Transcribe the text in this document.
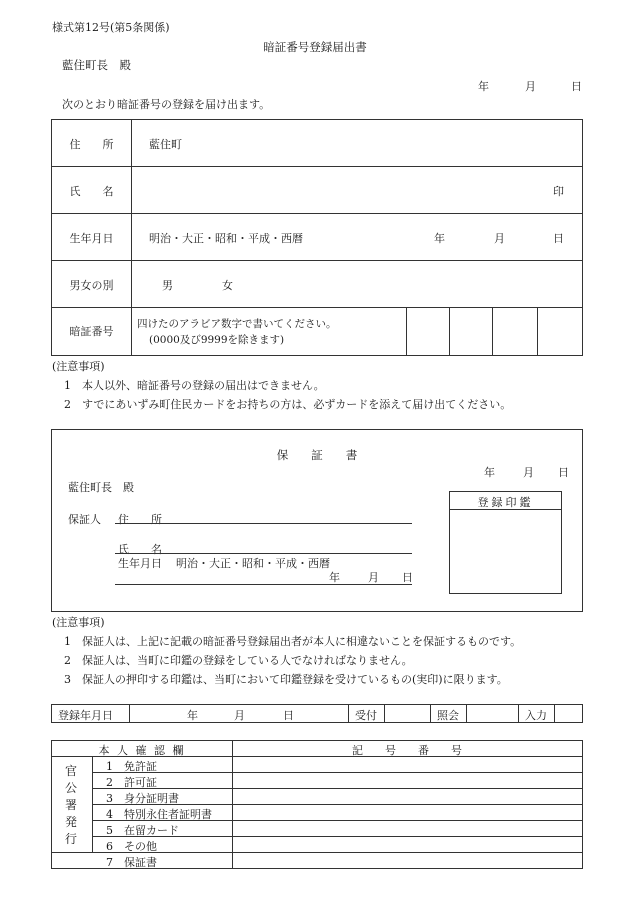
様式第12号(第5条関係)
暗証番号登録届出書
藍住町長　殿
年	月	日
次のとおり暗証番号の登録を届け出ます。
住　　所	藍住町
氏　　名	印
生年月日	明治・大正・昭和・平成・西暦	年	月	日
男女の別	男	女
暗証番号
四けたのアラビア数字で書いてください。
(0000及び9999を除きます)
(注意事項)
1　本人以外、暗証番号の登録の届出はできません。
2　すでにあいずみ町住民カードをお持ちの方は、必ずカードを添えて届け出てください。
保　　証　　書
年	月 日
藍住町長　殿
保証人 住　　所
氏　　名
生年月日 明治・大正・昭和・平成・西暦
年	月 日
登録印鑑
(注意事項)
1　保証人は、上記に記載の暗証番号登録届出者が本人に相違ないことを保証するものです。
2　保証人は、当町に印鑑の登録をしている人でなければなりません。
3　保証人の押印する印鑑は、当町において印鑑登録を受けているもの(実印)に限ります。
登録年月日	年	月	日	受付	照会	入力
本 人 確 認 欄	記　　号　　番　　号
官公署発行
1　免許証
2　許可証
3　身分証明書
4　特別永住者証明書
5　在留カード
6　その他
7　保証書
